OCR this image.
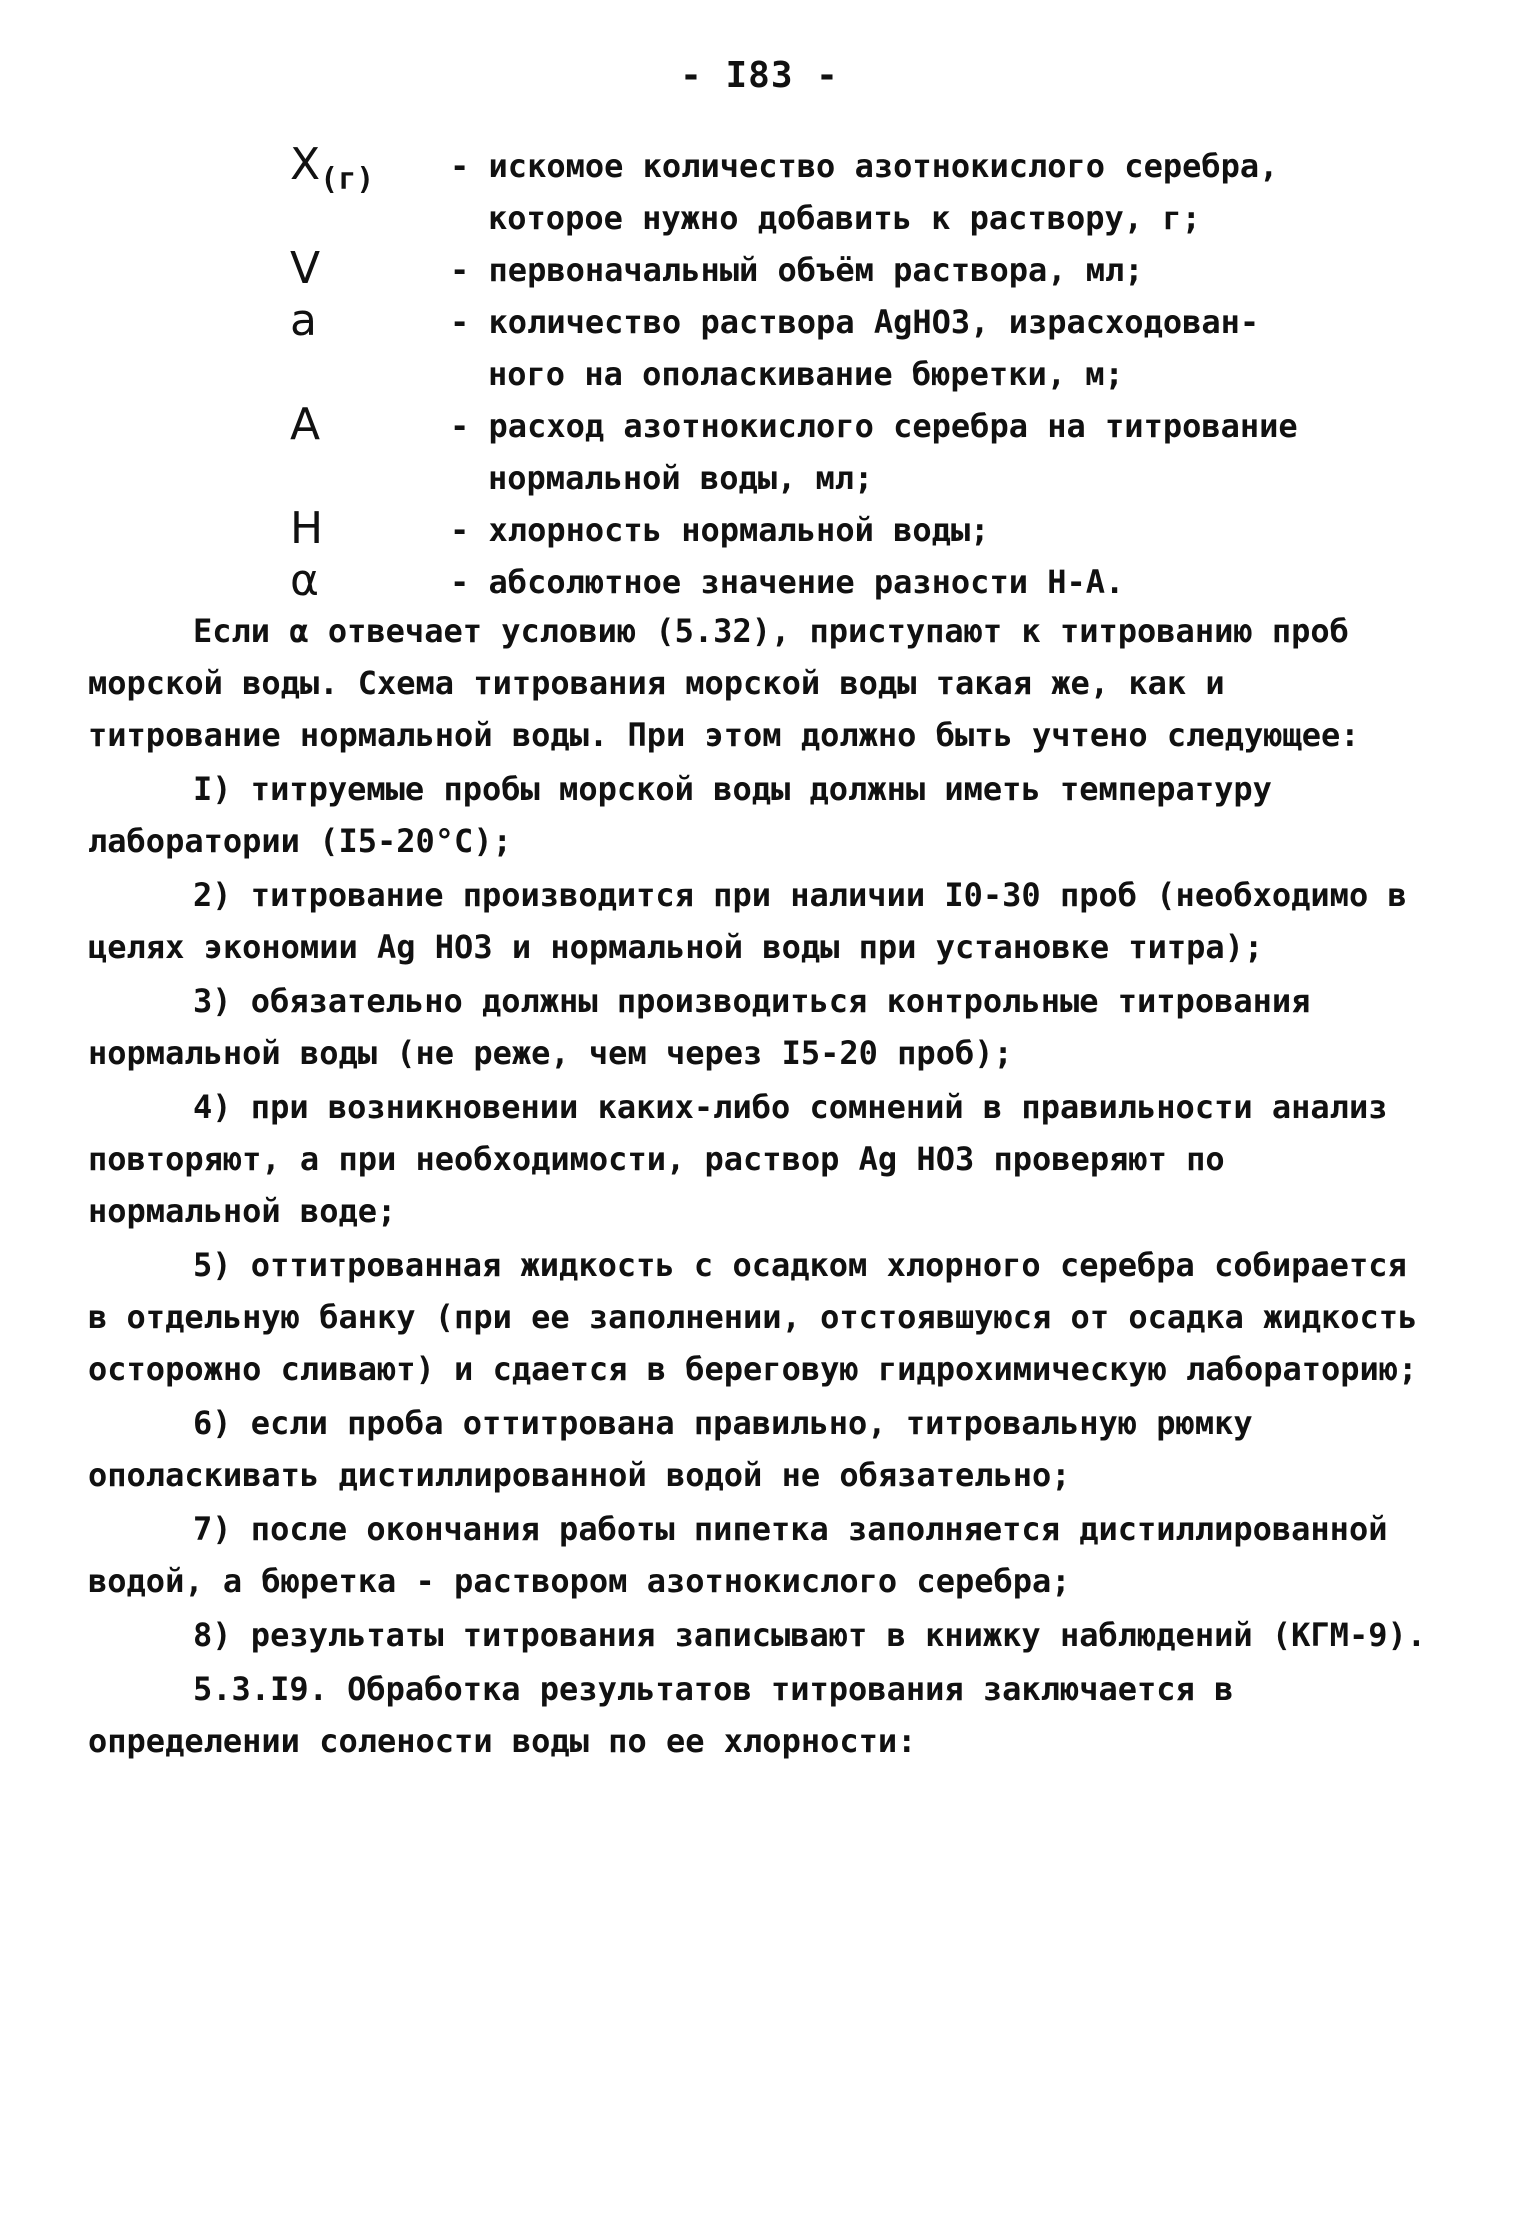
- I83 -
$X_{(г)}$	- искомое количество азотнокислого серебра,
которое нужно добавить к раствору, г;
V	- первоначальный объём раствора, мл;
a	- количество раствора AgHO3, израсходован-
ного на ополаскивание бюретки, м;
A	- расход азотнокислого серебра на титрование
нормальной воды, мл;
H	- хлорность нормальной воды;
α	- абсолютное значение разности H-A.

Если α отвечает условию (5.32), приступают к титрованию проб морской воды. Схема титрования морской воды такая же, как и титрование нормальной воды. При этом должно быть учтено следующее:

I) титруемые пробы морской воды должны иметь температуру лаборатории (I5-20°C);

2) титрование производится при наличии I0-30 проб (необходимо в целях экономии Ag HO3 и нормальной воды при установке титра);

3) обязательно должны производиться контрольные титрования нормальной воды (не реже, чем через I5-20 проб);

4) при возникновении каких-либо сомнений в правильности анализ повторяют, а при необходимости, раствор Ag HO3 проверяют по нормальной воде;

5) оттитрованная жидкость с осадком хлорного серебра собирается в отдельную банку (при ее заполнении, отстоявшуюся от осадка жидкость осторожно сливают) и сдается в береговую гидрохимическую лабораторию;

6) если проба оттитрована правильно, титровальную рюмку ополаскивать дистиллированной водой не обязательно;

7) после окончания работы пипетка заполняется дистиллированной водой, а бюретка - раствором азотнокислого серебра;

8) результаты титрования записывают в книжку наблюдений (КГМ-9).

5.3.I9. Обработка результатов титрования заключается в определении солености воды по ее хлорности:
